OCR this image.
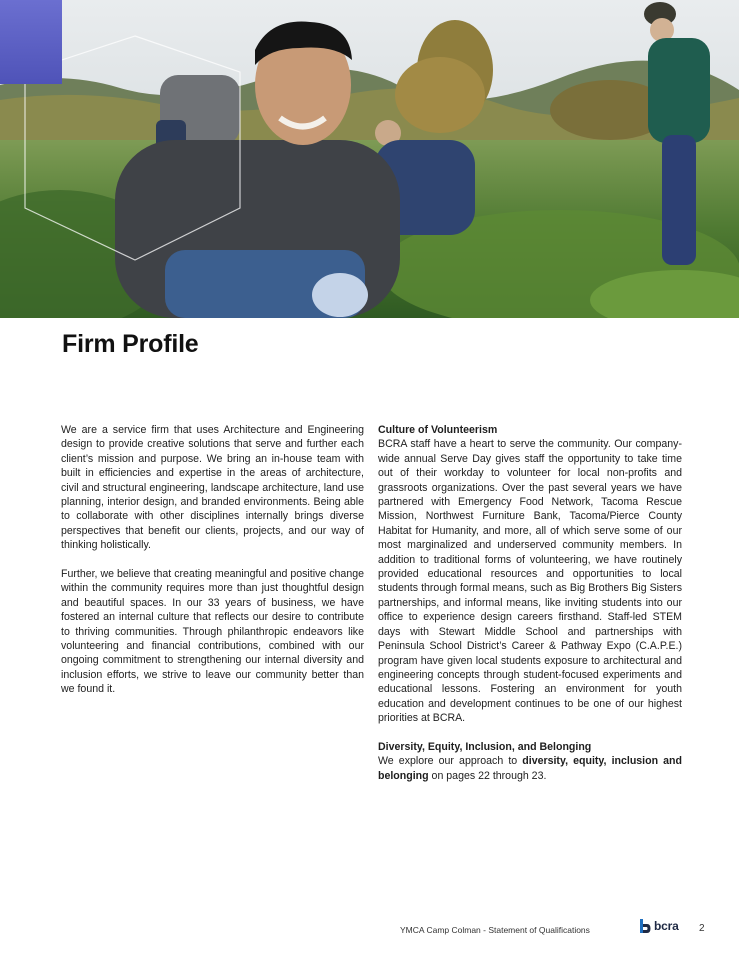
Firm Profile

We are a service firm that uses Architecture and Engineering design to provide creative solutions that serve and further each client’s mission and purpose. We bring an in-house team with built in efficiencies and expertise in the areas of architecture, civil and structural engineering, landscape architecture, land use planning, interior design, and branded environments. Being able to collaborate with other disciplines internally brings diverse perspectives that benefit our clients, projects, and our way of thinking holistically.

Further, we believe that creating meaningful and positive change within the community requires more than just thoughtful design and beautiful spaces. In our 33 years of business, we have fostered an internal culture that reflects our desire to contribute to thriving communities. Through philanthropic endeavors like volunteering and financial contributions, combined with our ongoing commitment to strengthening our internal diversity and inclusion efforts, we strive to leave our community better than we found it.

Culture of Volunteerism

BCRA staff have a heart to serve the community. Our company-wide annual Serve Day gives staff the opportunity to take time out of their workday to volunteer for local non-profits and grassroots organizations. Over the past several years we have partnered with Emergency Food Network, Tacoma Rescue Mission, Northwest Furniture Bank, Tacoma/Pierce County Habitat for Humanity, and more, all of which serve some of our most marginalized and underserved community members. In addition to traditional forms of volunteering, we have routinely provided educational resources and opportunities to local students through formal means, such as Big Brothers Big Sisters partnerships, and informal means, like inviting students into our office to experience design careers firsthand. Staff-led STEM days with Stewart Middle School and partnerships with Peninsula School District’s Career & Pathway Expo (C.A.P.E.) program have given local students exposure to architectural and engineering concepts through student-focused experiments and educational lessons. Fostering an environment for youth education and development continues to be one of our highest priorities at BCRA.

Diversity, Equity, Inclusion, and Belonging

We explore our approach to diversity, equity, inclusion and belonging on pages 22 through 23.

YMCA Camp Colman - Statement of Qualifications	bcra 2
